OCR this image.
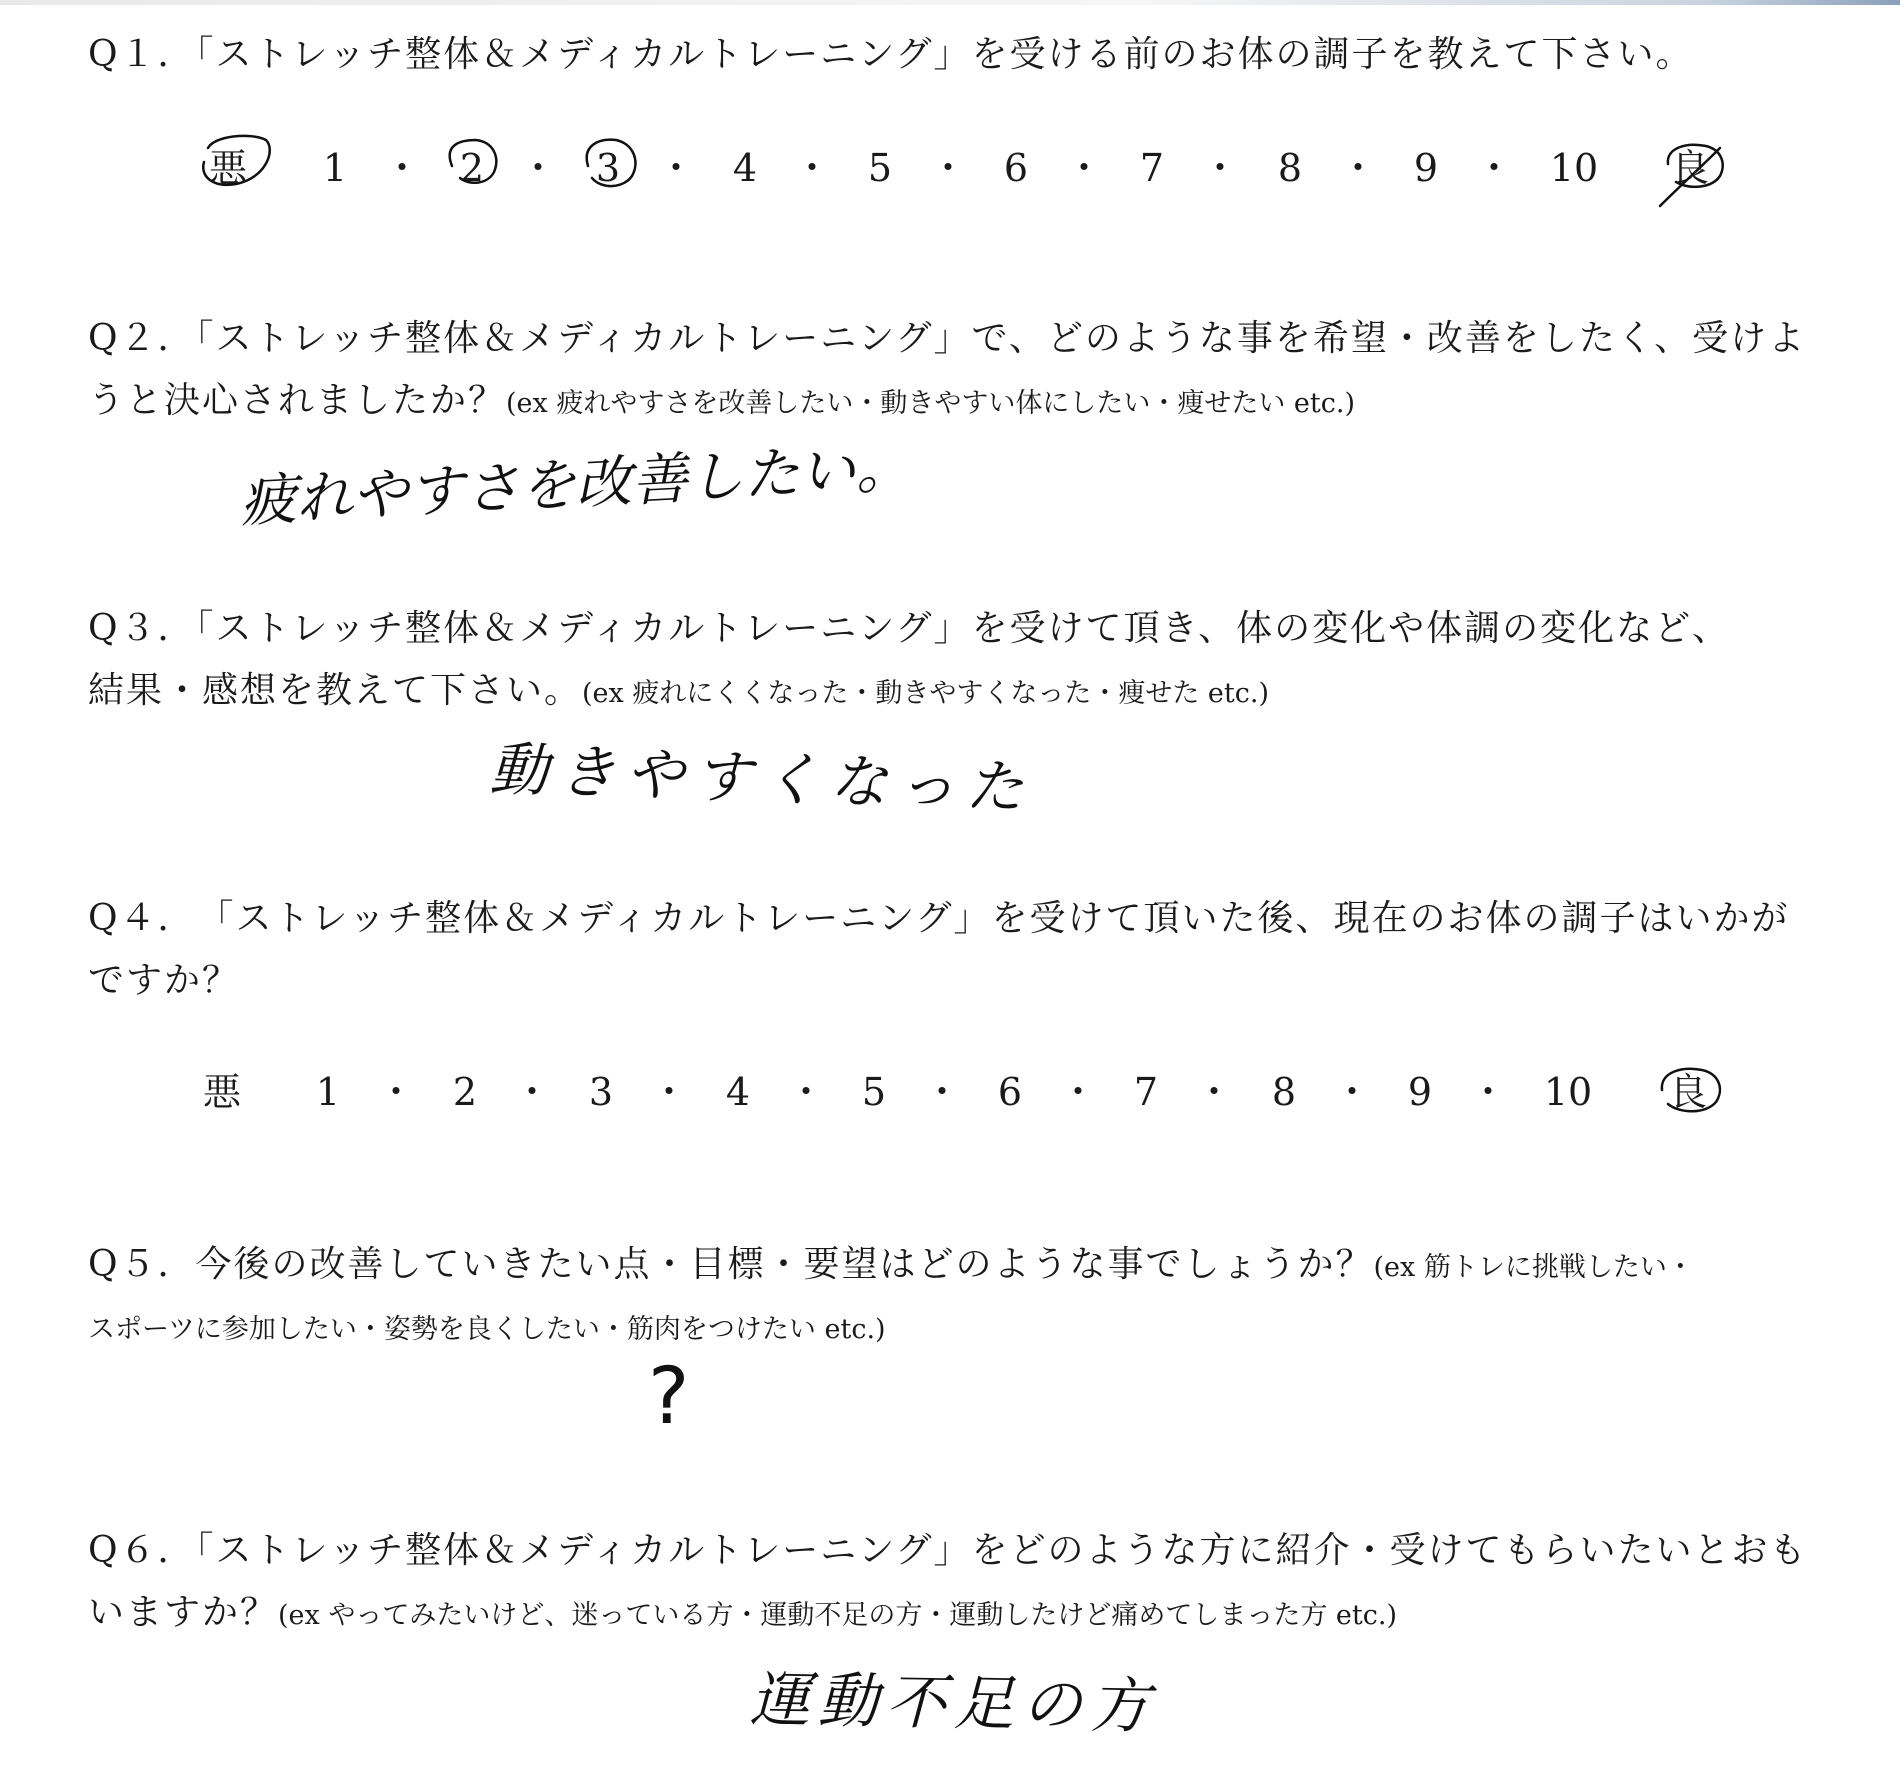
Q１．「ストレッチ整体＆メディカルトレーニング」を受ける前のお体の調子を教えて下さい。
悪 1 ・ 2 ・ 3 ・ 4 ・ 5 ・ 6 ・ 7 ・ 8 ・ 9 ・ 10 良
Q２．「ストレッチ整体＆メディカルトレーニング」で、どのような事を希望・改善をしたく、受けよ
うと決心されましたか？(ex 疲れやすさを改善したい・動きやすい体にしたい・痩せたい etc.)
疲れやすさを改善したい。
Q３．「ストレッチ整体＆メディカルトレーニング」を受けて頂き、体の変化や体調の変化など、
結果・感想を教えて下さい。(ex 疲れにくくなった・動きやすくなった・痩せた etc.)
動きやすくなった
Q４．　「ストレッチ整体＆メディカルトレーニング」を受けて頂いた後、現在のお体の調子はいかが
ですか？
悪 1 ・ 2 ・ 3 ・ 4 ・ 5 ・ 6 ・ 7 ・ 8 ・ 9 ・ 10 良
Q５．今後の改善していきたい点・目標・要望はどのような事でしょうか？(ex 筋トレに挑戦したい・
スポーツに参加したい・姿勢を良くしたい・筋肉をつけたい etc.)
?
Q６．「ストレッチ整体＆メディカルトレーニング」をどのような方に紹介・受けてもらいたいとおも
いますか？(ex やってみたいけど、迷っている方・運動不足の方・運動したけど痛めてしまった方 etc.)
運動不足の方
